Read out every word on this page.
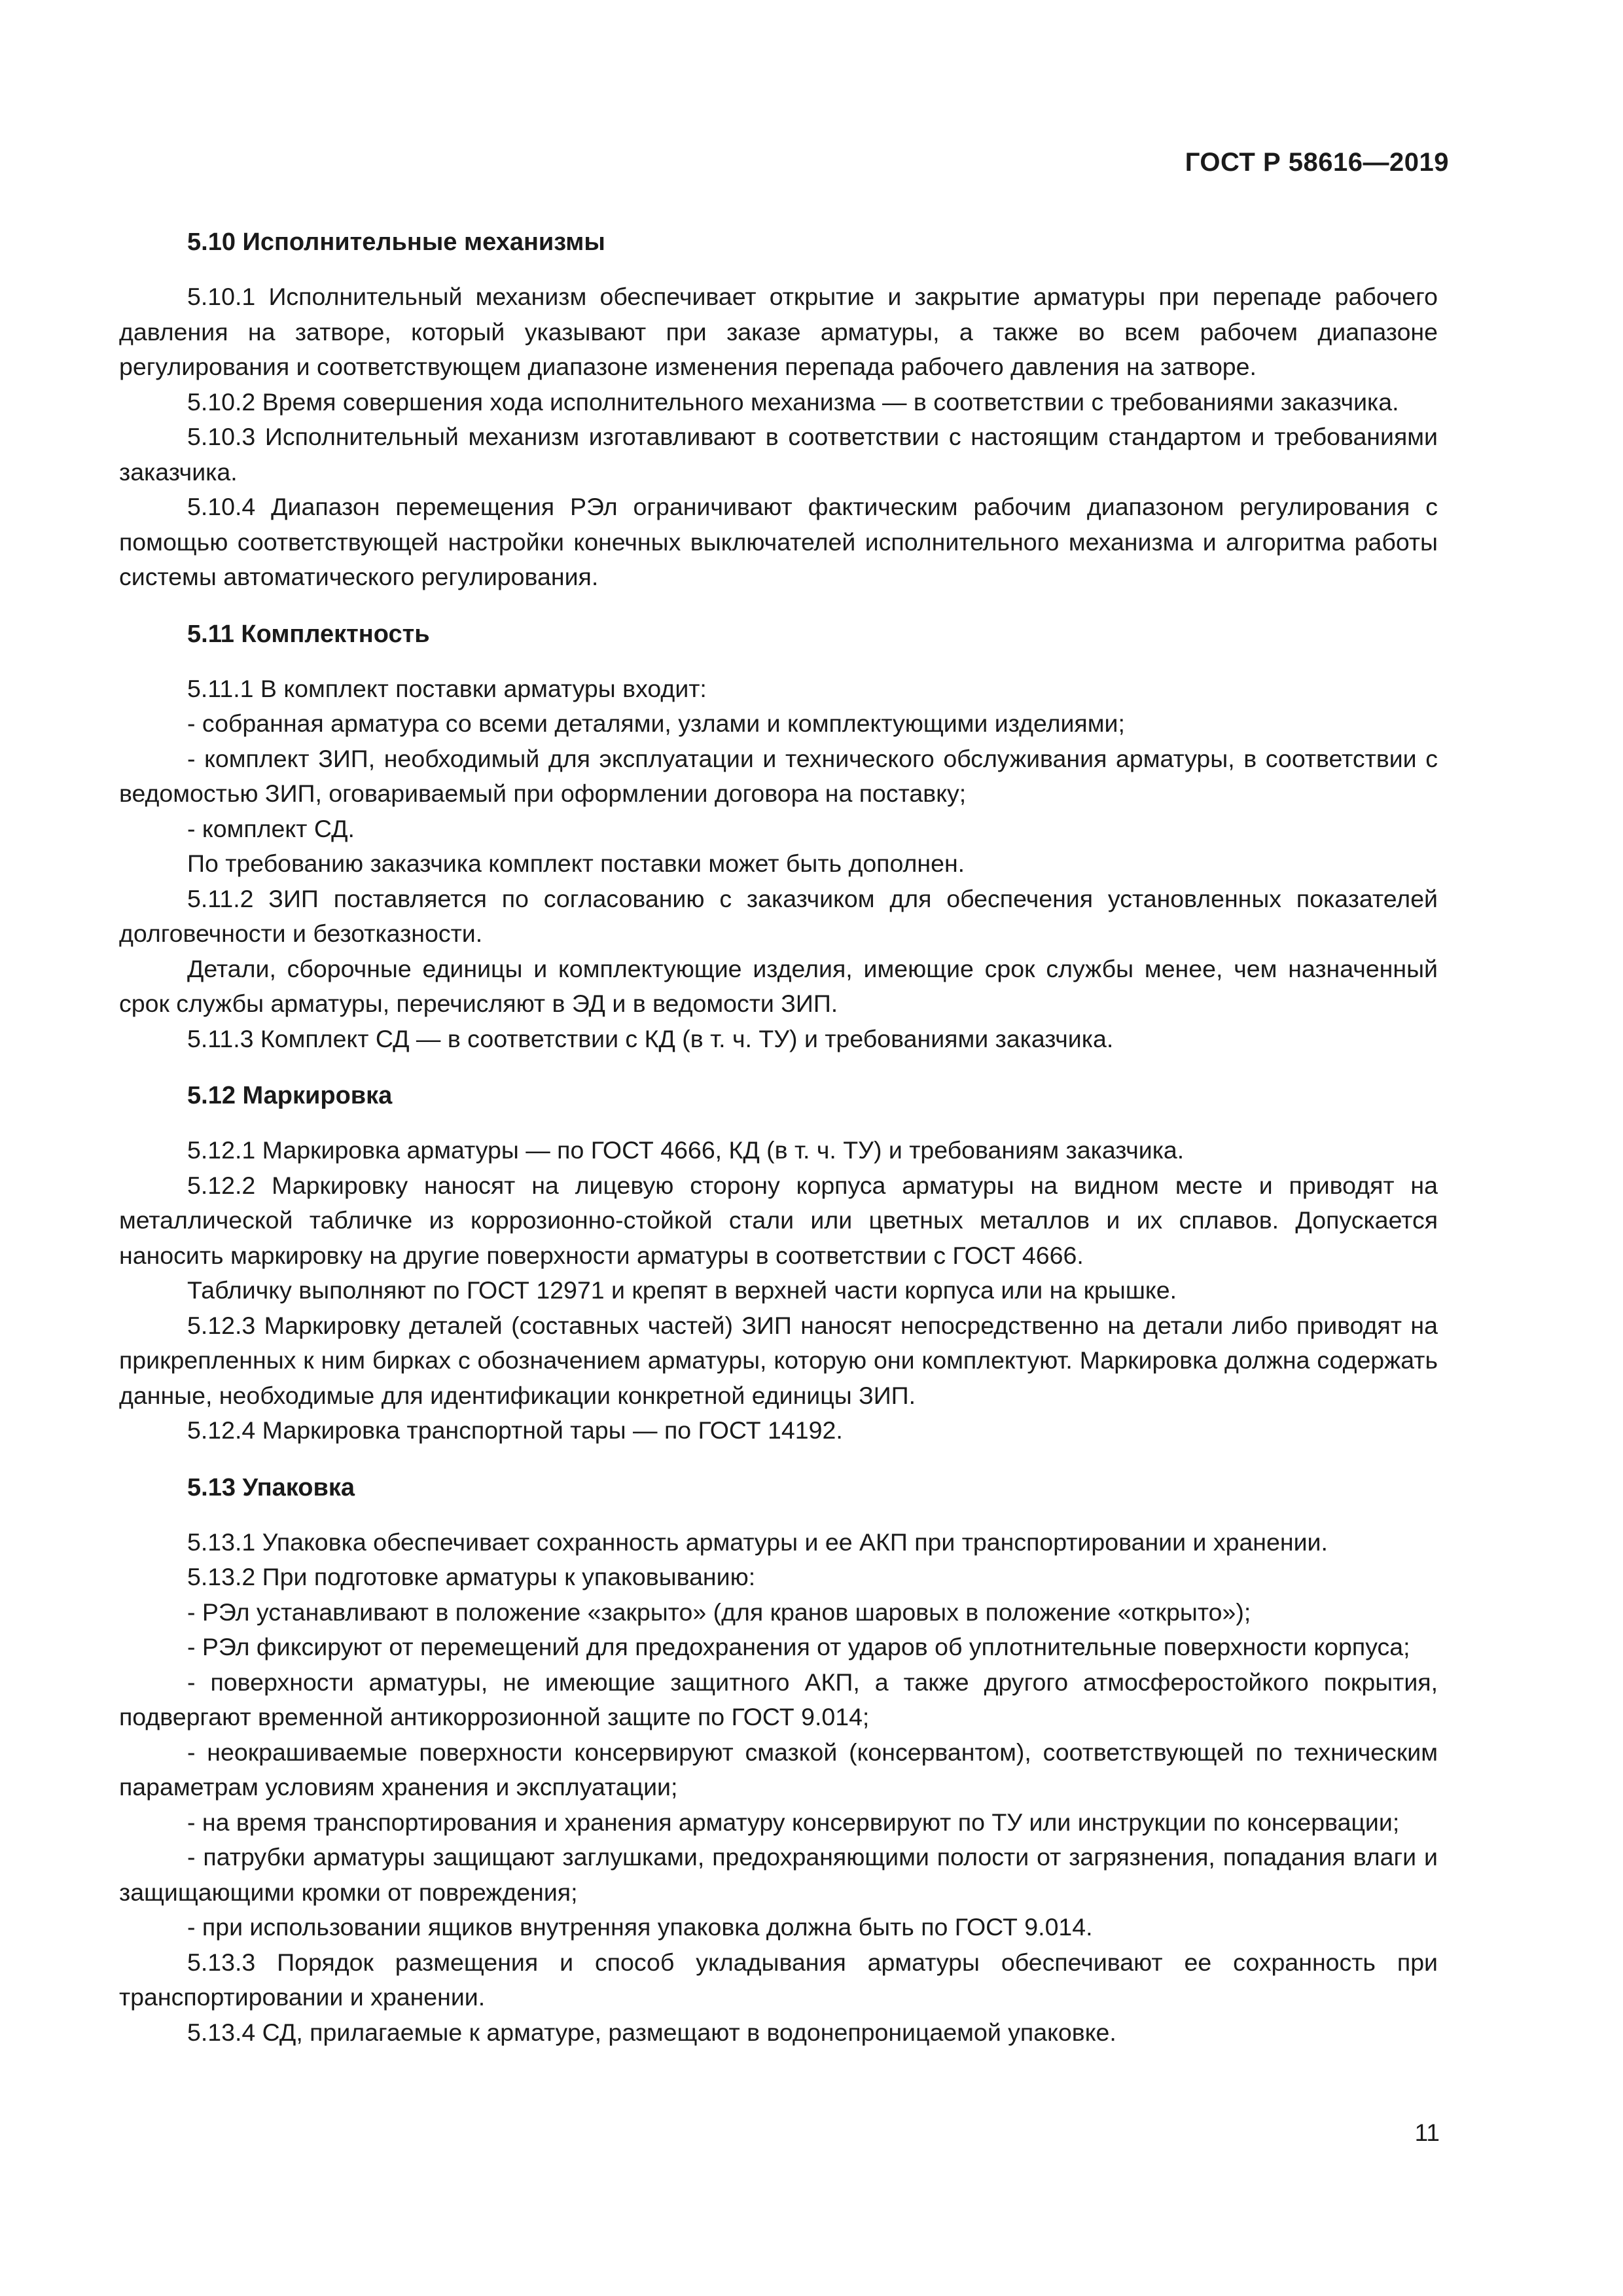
ГОСТ Р 58616—2019
5.10 Исполнительные механизмы

5.10.1 Исполнительный механизм обеспечивает открытие и закрытие арматуры при перепаде рабочего давления на затворе, который указывают при заказе арматуры, а также во всем рабочем диапазоне регулирования и соответствующем диапазоне изменения перепада рабочего давления на затворе.

5.10.2 Время совершения хода исполнительного механизма — в соответствии с требованиями заказчика.

5.10.3 Исполнительный механизм изготавливают в соответствии с настоящим стандартом и требованиями заказчика.

5.10.4 Диапазон перемещения РЭл ограничивают фактическим рабочим диапазоном регулирования с помощью соответствующей настройки конечных выключателей исполнительного механизма и алгоритма работы системы автоматического регулирования.

5.11 Комплектность

5.11.1 В комплект поставки арматуры входит:

- собранная арматура со всеми деталями, узлами и комплектующими изделиями;

- комплект ЗИП, необходимый для эксплуатации и технического обслуживания арматуры, в соответствии с ведомостью ЗИП, оговариваемый при оформлении договора на поставку;

- комплект СД.

По требованию заказчика комплект поставки может быть дополнен.

5.11.2 ЗИП поставляется по согласованию с заказчиком для обеспечения установленных показателей долговечности и безотказности.

Детали, сборочные единицы и комплектующие изделия, имеющие срок службы менее, чем назначенный срок службы арматуры, перечисляют в ЭД и в ведомости ЗИП.

5.11.3 Комплект СД — в соответствии с КД (в т. ч. ТУ) и требованиями заказчика.

5.12 Маркировка

5.12.1 Маркировка арматуры — по ГОСТ 4666, КД (в т. ч. ТУ) и требованиям заказчика.

5.12.2 Маркировку наносят на лицевую сторону корпуса арматуры на видном месте и приводят на металлической табличке из коррозионно-стойкой стали или цветных металлов и их сплавов. Допускается наносить маркировку на другие поверхности арматуры в соответствии с ГОСТ 4666.

Табличку выполняют по ГОСТ 12971 и крепят в верхней части корпуса или на крышке.

5.12.3 Маркировку деталей (составных частей) ЗИП наносят непосредственно на детали либо приводят на прикрепленных к ним бирках с обозначением арматуры, которую они комплектуют. Маркировка должна содержать данные, необходимые для идентификации конкретной единицы ЗИП.

5.12.4 Маркировка транспортной тары — по ГОСТ 14192.

5.13 Упаковка

5.13.1 Упаковка обеспечивает сохранность арматуры и ее АКП при транспортировании и хранении.

5.13.2 При подготовке арматуры к упаковыванию:

- РЭл устанавливают в положение «закрыто» (для кранов шаровых в положение «открыто»);

- РЭл фиксируют от перемещений для предохранения от ударов об уплотнительные поверхности корпуса;

- поверхности арматуры, не имеющие защитного АКП, а также другого атмосферостойкого покрытия, подвергают временной антикоррозионной защите по ГОСТ 9.014;

- неокрашиваемые поверхности консервируют смазкой (консервантом), соответствующей по техническим параметрам условиям хранения и эксплуатации;

- на время транспортирования и хранения арматуру консервируют по ТУ или инструкции по консервации;

- патрубки арматуры защищают заглушками, предохраняющими полости от загрязнения, попадания влаги и защищающими кромки от повреждения;

- при использовании ящиков внутренняя упаковка должна быть по ГОСТ 9.014.

5.13.3 Порядок размещения и способ укладывания арматуры обеспечивают ее сохранность при транспортировании и хранении.

5.13.4 СД, прилагаемые к арматуре, размещают в водонепроницаемой упаковке.

11
